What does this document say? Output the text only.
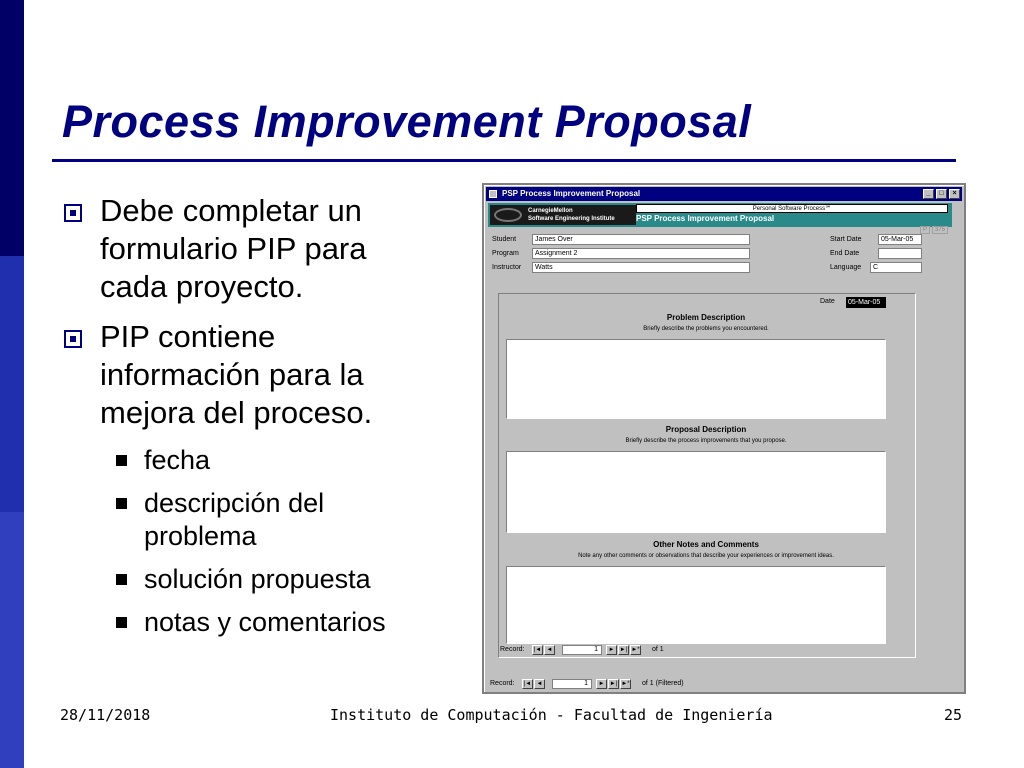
Process Improvement Proposal
Debe completar un formulario PIP para cada proyecto.
PIP contiene información para la mejora del proceso.
fecha
descripción del problema
solución propuesta
notas y comentarios
28/11/2018	Instituto de Computación - Facultad de Ingeniería	25
PSP Process Improvement Proposal	_	□	×
CarnegieMellon
Software Engineering Institute
Personal Software Process℠
PSP Process Improvement Proposal
Student	James Over
Program	Assignment 2
Instructor	Watts
Start Date	05-Mar-05
End Date
Language	C
P	375
Date 05-Mar-05
Problem Description
Briefly describe the problems you encountered.
Proposal Description
Briefly describe the process improvements that you propose.
Other Notes and Comments
Note any other comments or observations that describe your experiences or improvement ideas.
Record: |◄ ◄	1	► ►| ►* of 1
Record: |◄ ◄	1	► ►| ►* of 1 (Filtered)
